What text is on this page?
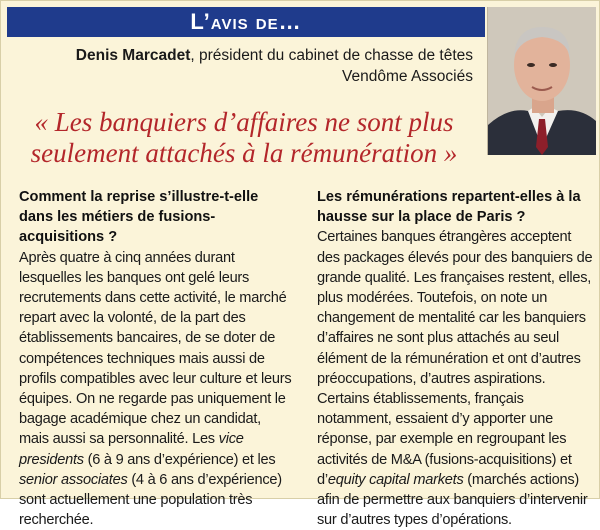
L’avis de…
Denis Marcadet, président du cabinet de chasse de têtes
Vendôme Associés
« Les banquiers d’affaires ne sont plus
seulement attachés à la rémunération »
Comment la reprise s’illustre-t-elle dans les métiers de fusions-acquisitions ?
Après quatre à cinq années durant lesquelles les banques ont gelé leurs recrutements dans cette activité, le marché repart avec la volonté, de la part des établissements bancaires, de se doter de compétences techniques mais aussi de profils compatibles avec leur culture et leurs équipes. On ne regarde pas uniquement le bagage académique chez un candidat, mais aussi sa personnalité. Les vice presidents (6 à 9 ans d’expérience) et les senior associates (4 à 6 ans d’expérience) sont actuellement une population très recherchée.
Les rémunérations repartent-elles à la hausse sur la place de Paris ?
Certaines banques étrangères acceptent des packages élevés pour des banquiers de grande qualité. Les françaises restent, elles, plus modérées. Toutefois, on note un changement de mentalité car les banquiers d’affaires ne sont plus attachés au seul élément de la rémunération et ont d’autres préoccupations, d’autres aspirations. Certains établissements, français notamment, essaient d’y apporter une réponse, par exemple en regroupant les activités de M&A (fusions-acquisitions) et d’equity capital markets (marchés actions) afin de permettre aux banquiers d’intervenir sur d’autres types d’opérations.
